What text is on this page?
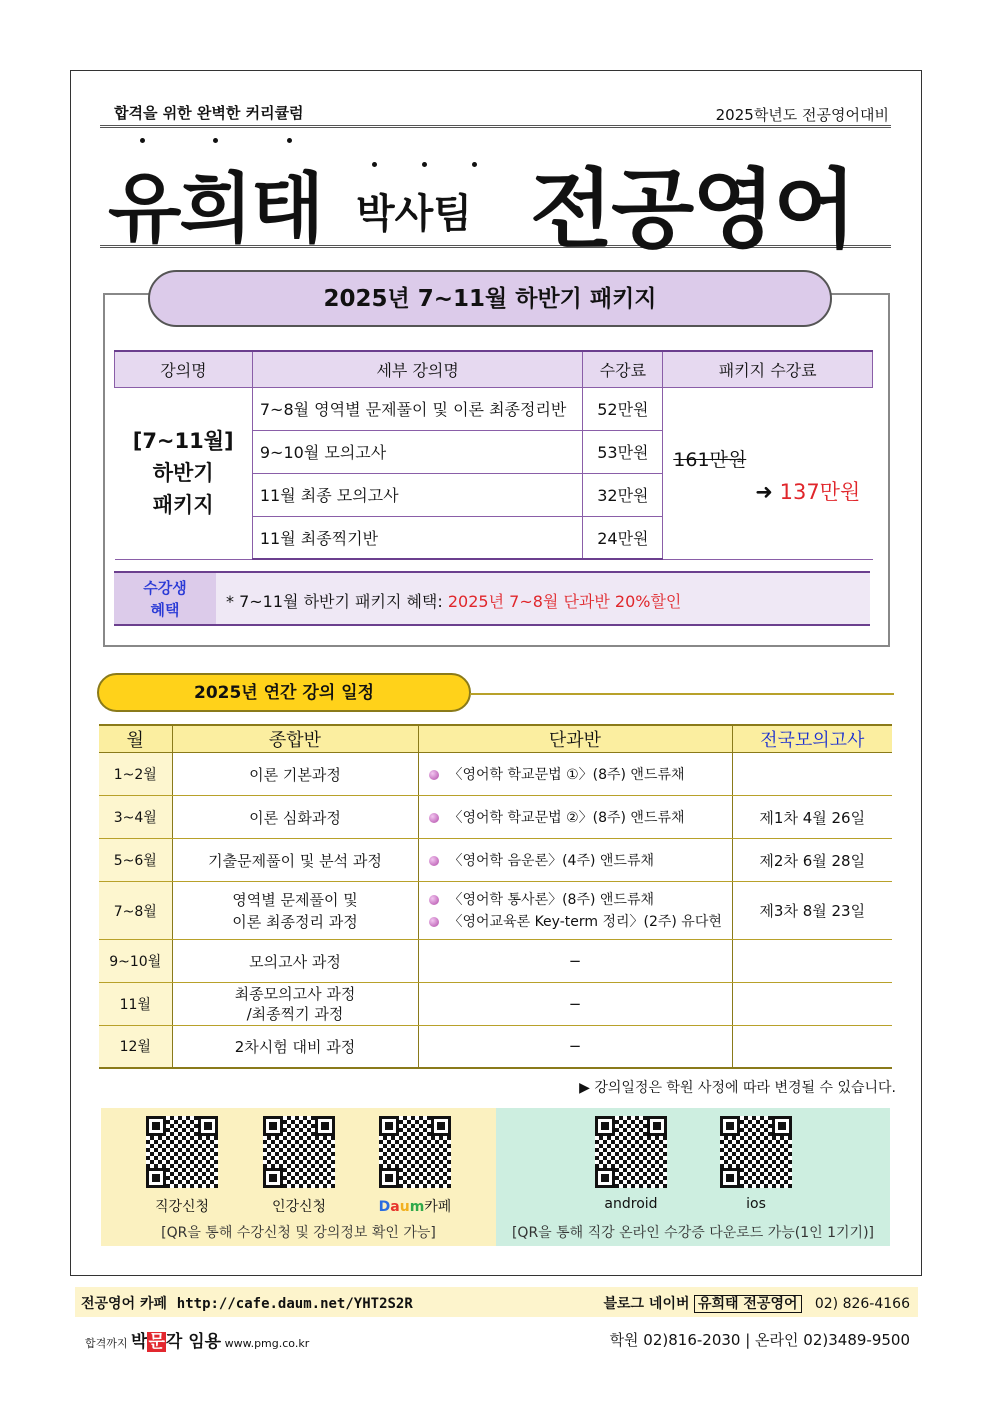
합격을 위한 완벽한 커리큘럼	2025학년도 전공영어대비
유희태 박사팀 전공영어
2025년 7~11월 하반기 패키지
강의명	세부 강의명	수강료	패키지 수강료
[7~11월]
하반기
패키지	7~8월 영역별 문제풀이 및 이론 최종정리반	52만원	161만원
➜ 137만원

	9~10월 모의고사	53만원	
	11월 최종 모의고사	32만원	
	11월 최종찍기반	24만원	
수강생
혜택	* 7~11월 하반기 패키지 혜택: 2025년 7~8월 단과반 20%할인
2025년 연간 강의 일정
월	종합반	단과반	전국모의고사
1~2월	이론 기본과정	〈영어학 학교문법 ①〉(8주) 앤드류채	
3~4월	이론 심화과정	〈영어학 학교문법 ②〉(8주) 앤드류채	제1차 4월 26일
5~6월	기출문제풀이 및 분석 과정	〈영어학 음운론〉(4주) 앤드류채	제2차 6월 28일
7~8월	영역별 문제풀이 및
이론 최종정리 과정	〈영어학 통사론〉(8주) 앤드류채
〈영어교육론 Key-term 정리〉(2주) 유다현	제3차 8월 23일
9~10월	모의고사 과정	−	
11월	최종모의고사 과정
/최종찍기 과정	−	
12월	2차시험 대비 과정	−	
▶ 강의일정은 학원 사정에 따라 변경될 수 있습니다.
직강신청	인강신청	Daum카페
[QR을 통해 수강신청 및 강의정보 확인 가능]
android	ios
[QR을 통해 직강 온라인 수강증 다운로드 가능(1인 1기기)]
전공영어 카페 http://cafe.daum.net/YHT2S2R	블로그 네이버 유희태 전공영어 02) 826-4166
합격까지 박문각 임용 www.pmg.co.kr	학원 02)816-2030 | 온라인 02)3489-9500
